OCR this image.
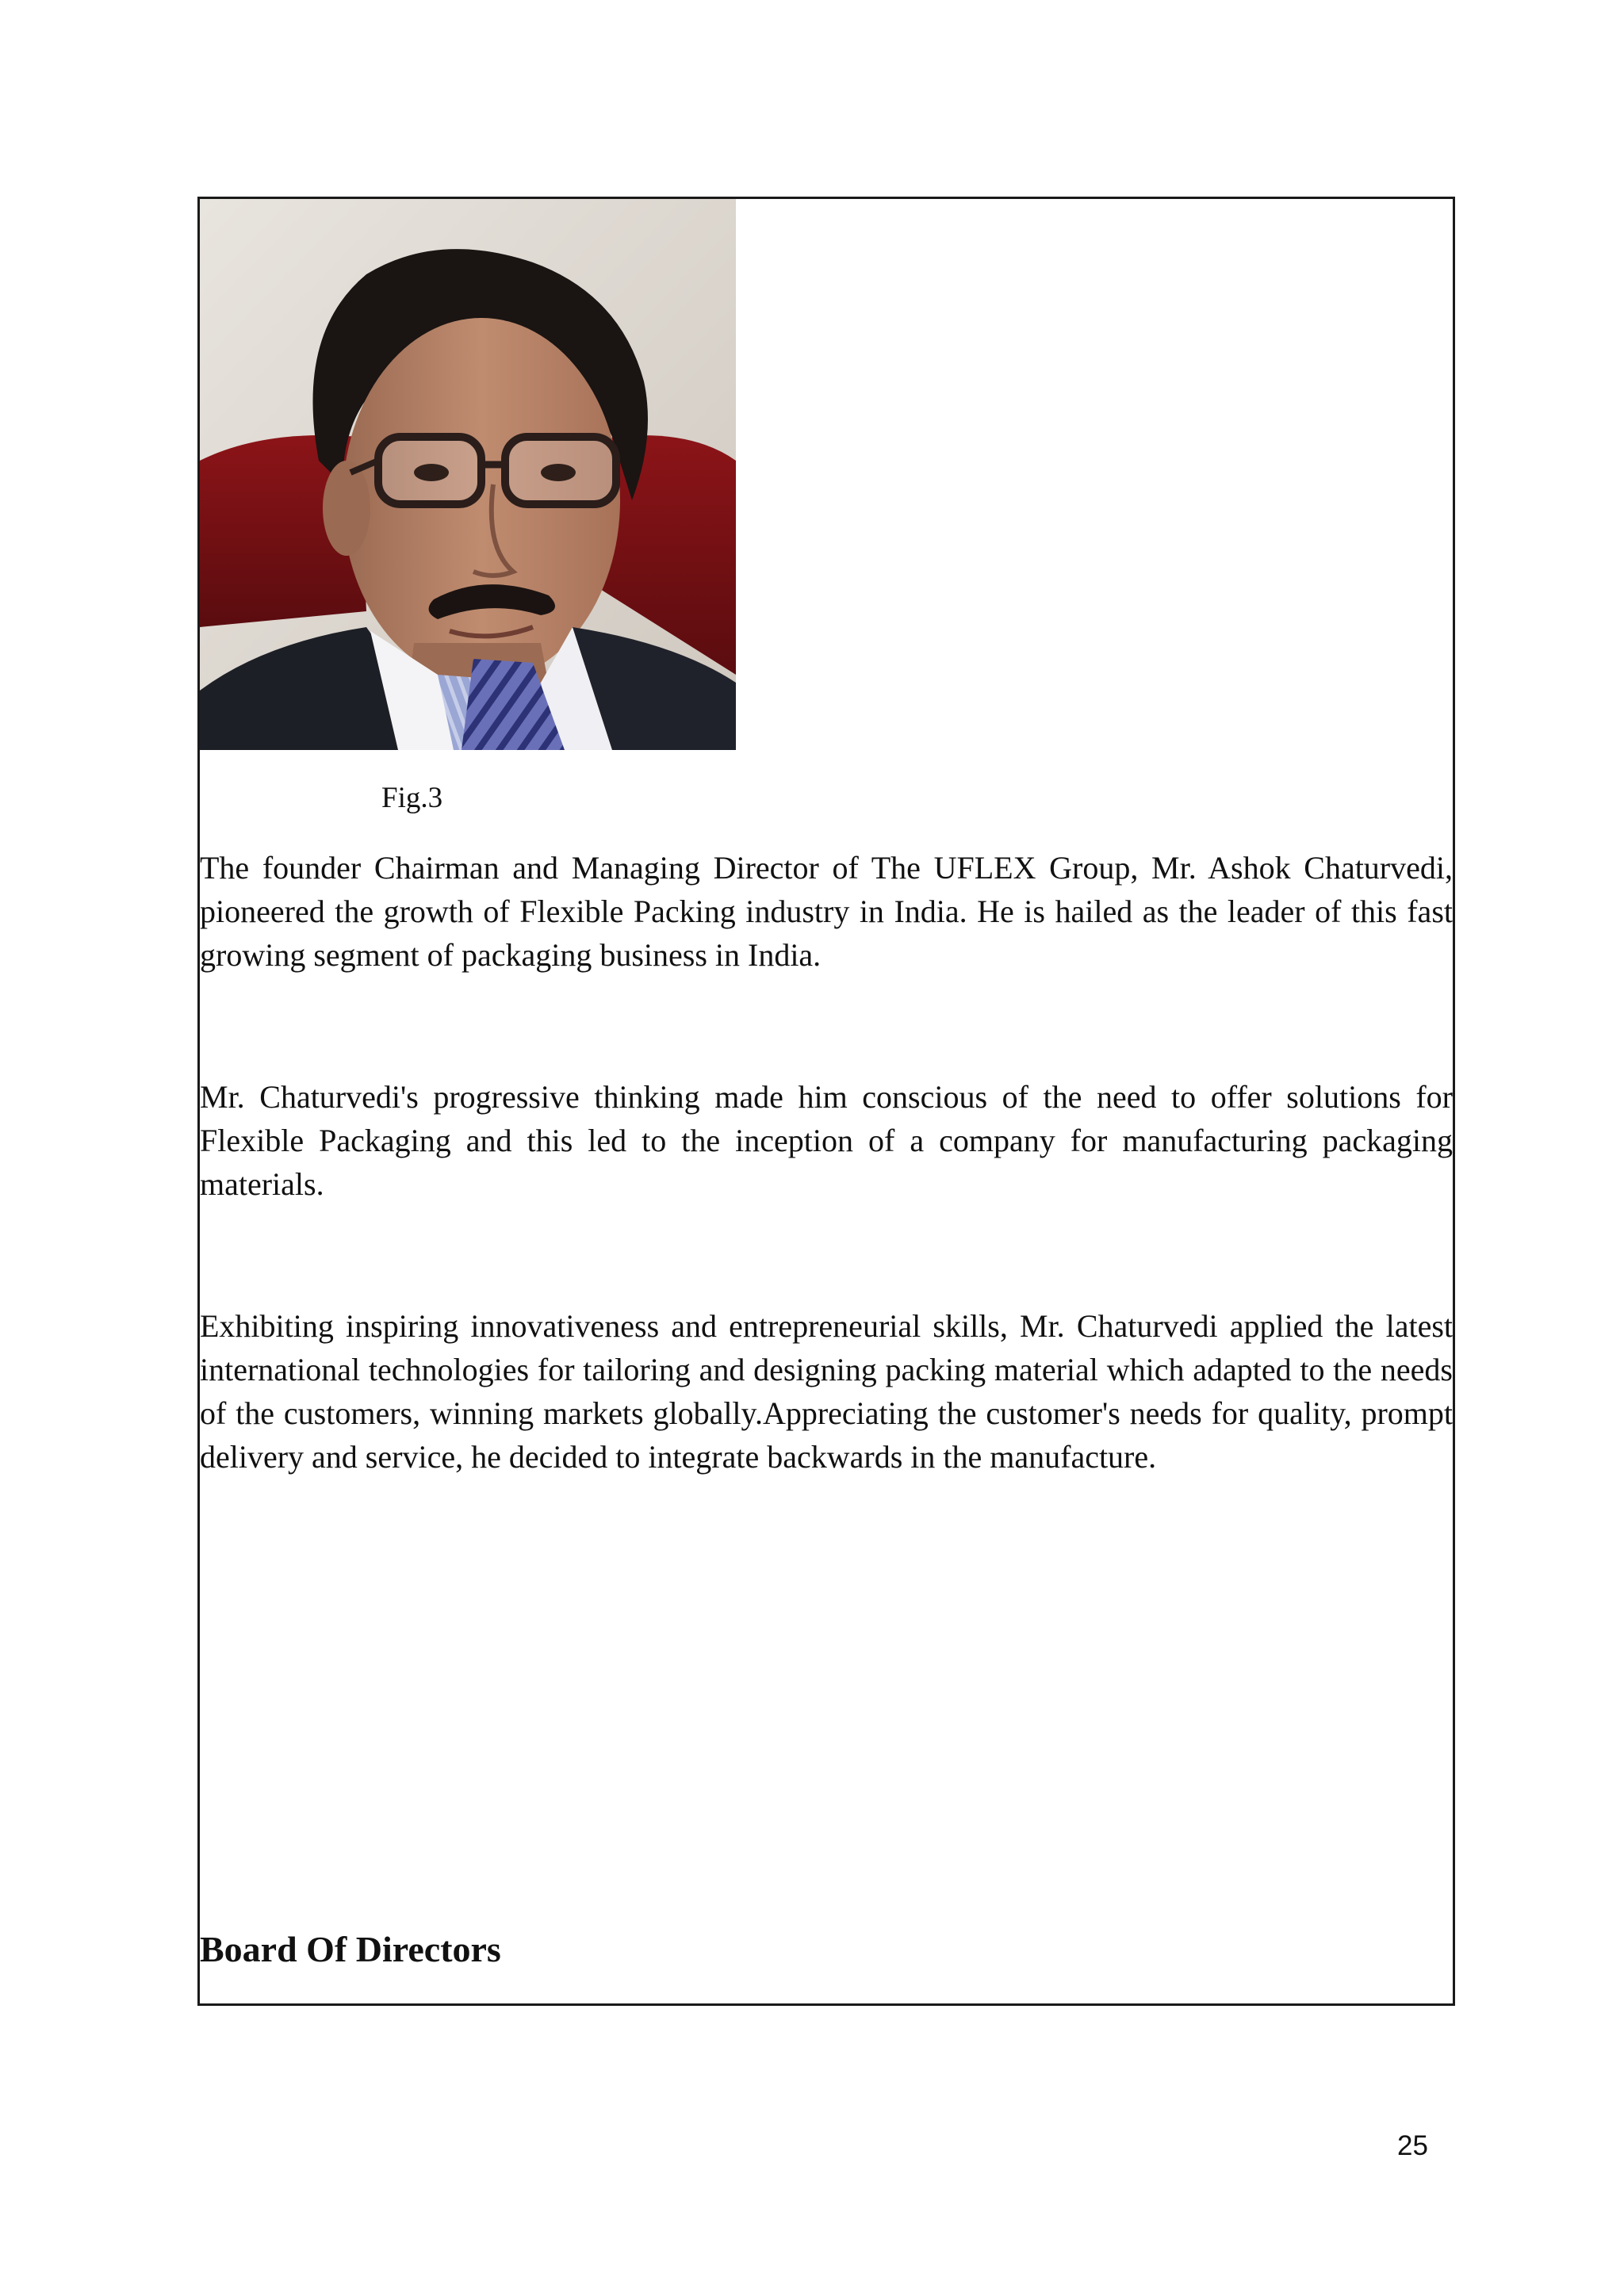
Fig.3

The founder Chairman and Managing Director of The UFLEX Group, Mr. Ashok Chaturvedi, pioneered the growth of Flexible Packing industry in India. He is hailed as the leader of this fast growing segment of packaging business in India.

Mr. Chaturvedi's progressive thinking made him conscious of the need to offer solutions for Flexible Packaging and this led to the inception of a company for manufacturing packaging materials.

Exhibiting inspiring innovativeness and entrepreneurial skills, Mr. Chaturvedi applied the latest international technologies for tailoring and designing packing material which adapted to the needs of the customers, winning markets globally.Appreciating the customer's needs for quality, prompt delivery and service, he decided to integrate backwards in the manufacture.

Board Of Directors
25
